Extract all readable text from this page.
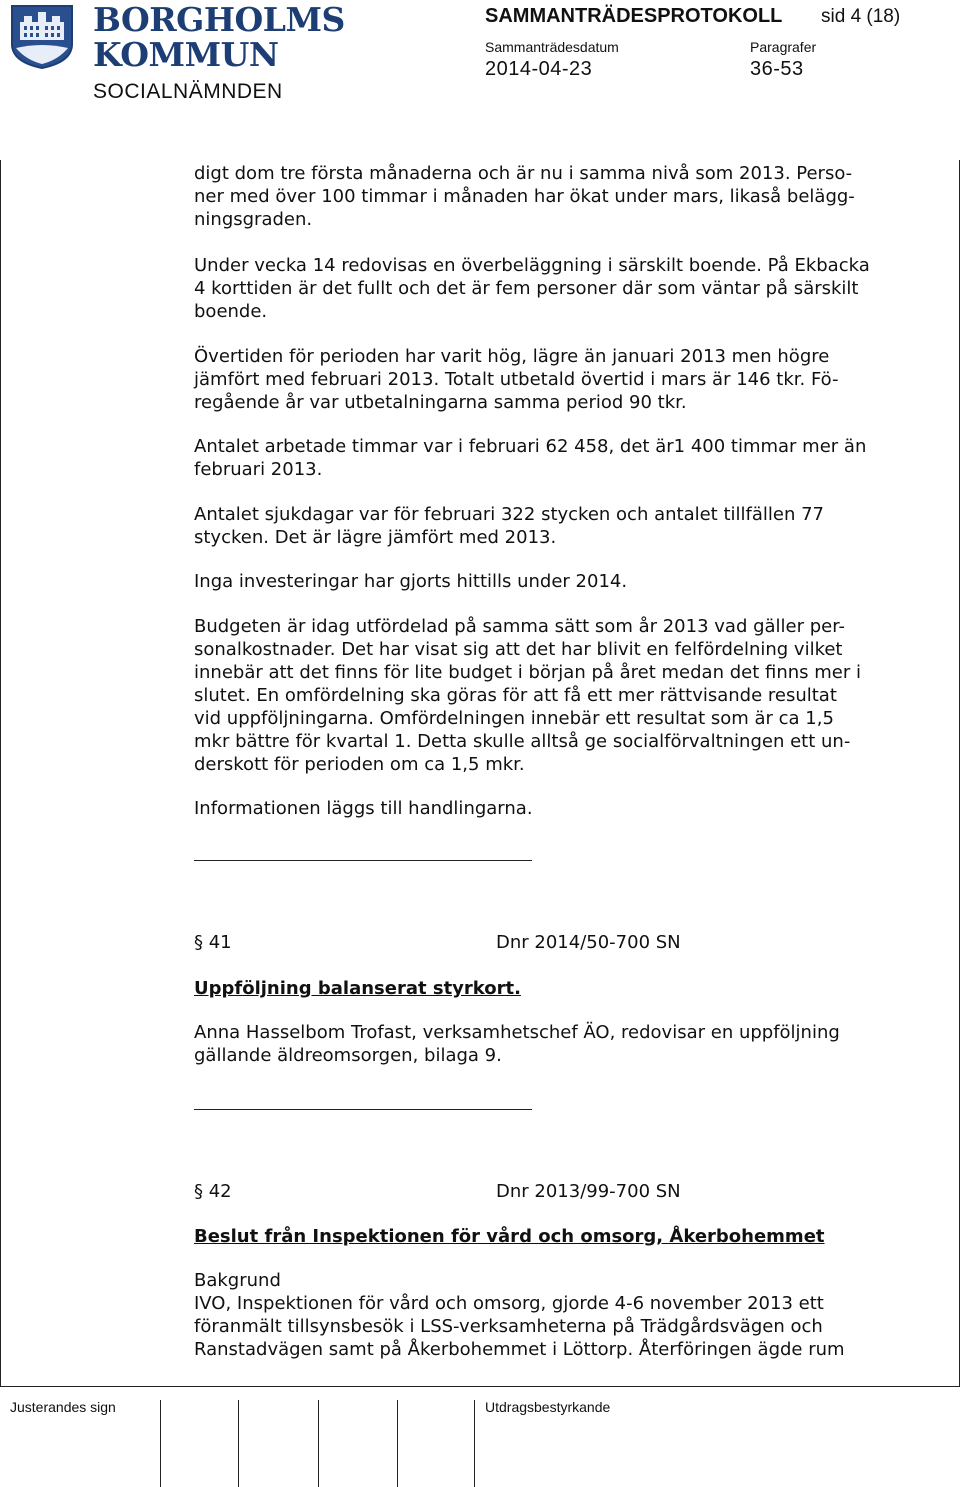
BORGHOLMS
KOMMUN
SOCIALNÄMNDEN
SAMMANTRÄDESPROTOKOLL sid 4 (18)
Sammanträdesdatum
2014-04-23
Paragrafer
36-53
digt dom tre första månaderna och är nu i samma nivå som 2013. Perso-
ner med över 100 timmar i månaden har ökat under mars, likaså belägg-
ningsgraden.
Under vecka 14 redovisas en överbeläggning i särskilt boende. På Ekbacka
4 korttiden är det fullt och det är fem personer där som väntar på särskilt
boende.
Övertiden för perioden har varit hög, lägre än januari 2013 men högre
jämfört med februari 2013. Totalt utbetald övertid i mars är 146 tkr. Fö-
regående år var utbetalningarna samma period 90 tkr.
Antalet arbetade timmar var i februari 62 458, det är1 400 timmar mer än
februari 2013.
Antalet sjukdagar var för februari 322 stycken och antalet tillfällen 77
stycken. Det är lägre jämfört med 2013.
Inga investeringar har gjorts hittills under 2014.
Budgeten är idag utfördelad på samma sätt som år 2013 vad gäller per-
sonalkostnader. Det har visat sig att det har blivit en felfördelning vilket
innebär att det finns för lite budget i början på året medan det finns mer i
slutet. En omfördelning ska göras för att få ett mer rättvisande resultat
vid uppföljningarna. Omfördelningen innebär ett resultat som är ca 1,5
mkr bättre för kvartal 1. Detta skulle alltså ge socialförvaltningen ett un-
derskott för perioden om ca 1,5 mkr.
Informationen läggs till handlingarna.
§ 41	Dnr 2014/50-700 SN
Uppföljning balanserat styrkort.
Anna Hasselbom Trofast, verksamhetschef ÄO, redovisar en uppföljning
gällande äldreomsorgen, bilaga 9.
§ 42	Dnr 2013/99-700 SN
Beslut från Inspektionen för vård och omsorg, Åkerbohemmet
Bakgrund
IVO, Inspektionen för vård och omsorg, gjorde 4-6 november 2013 ett
föranmält tillsynsbesök i LSS-verksamheterna på Trädgårdsvägen och
Ranstadvägen samt på Åkerbohemmet i Löttorp. Återföringen ägde rum
Justerandes sign	Utdragsbestyrkande
